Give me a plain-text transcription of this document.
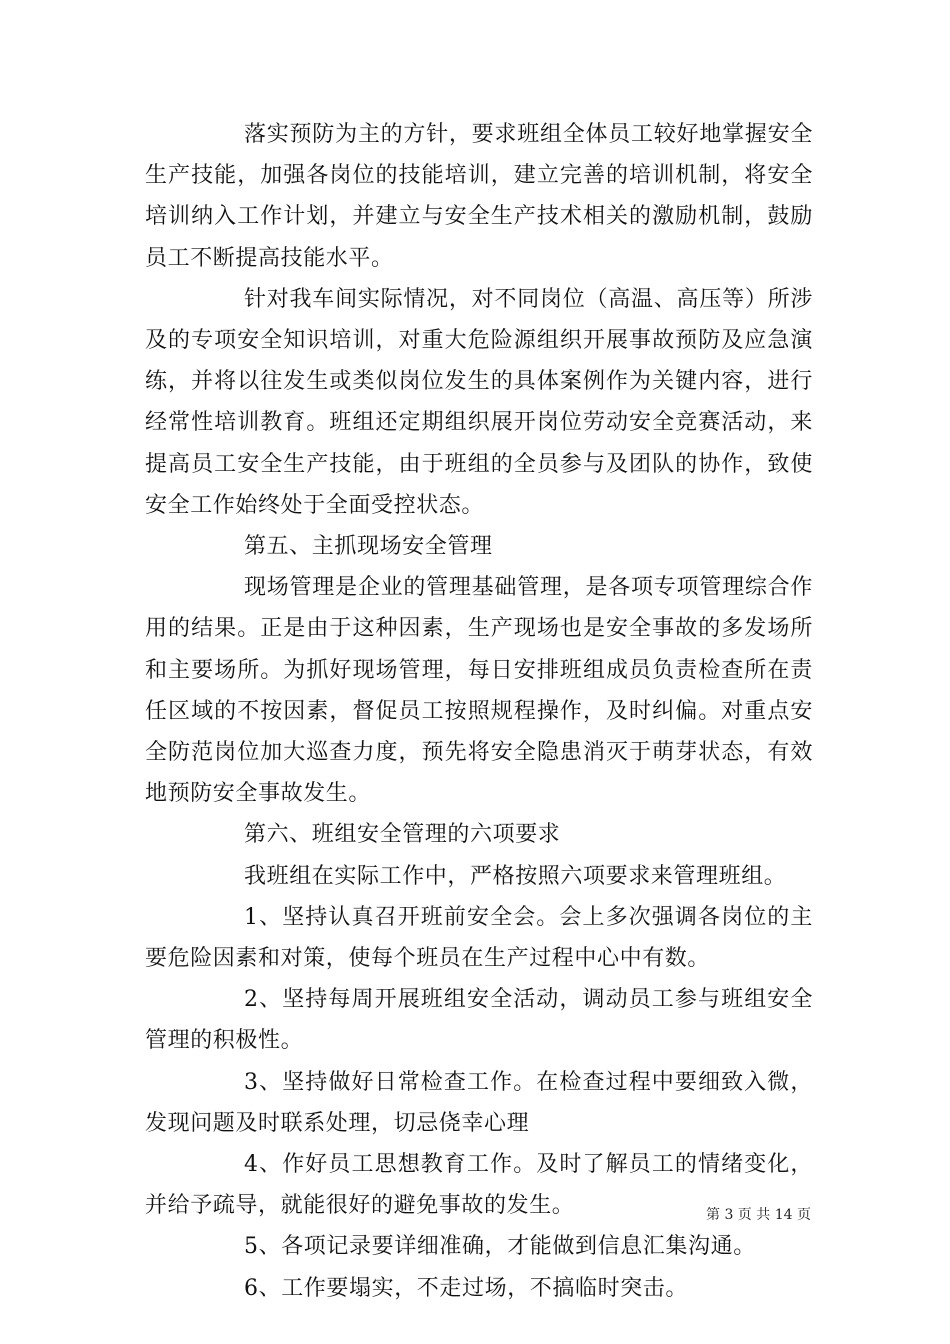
落实预防为主的方针，要求班组全体员工较好地掌握安全生产技能，加强各岗位的技能培训，建立完善的培训机制，将安全培训纳入工作计划，并建立与安全生产技术相关的激励机制，鼓励员工不断提高技能水平。

针对我车间实际情况，对不同岗位（高温、高压等）所涉及的专项安全知识培训，对重大危险源组织开展事故预防及应急演练，并将以往发生或类似岗位发生的具体案例作为关键内容，进行经常性培训教育。班组还定期组织展开岗位劳动安全竞赛活动，来提高员工安全生产技能，由于班组的全员参与及团队的协作，致使安全工作始终处于全面受控状态。

第五、主抓现场安全管理

现场管理是企业的管理基础管理，是各项专项管理综合作用的结果。正是由于这种因素，生产现场也是安全事故的多发场所和主要场所。为抓好现场管理，每日安排班组成员负责检查所在责任区域的不按因素，督促员工按照规程操作，及时纠偏。对重点安全防范岗位加大巡查力度，预先将安全隐患消灭于萌芽状态，有效地预防安全事故发生。

第六、班组安全管理的六项要求

我班组在实际工作中，严格按照六项要求来管理班组。

1、坚持认真召开班前安全会。会上多次强调各岗位的主要危险因素和对策，使每个班员在生产过程中心中有数。

2、坚持每周开展班组安全活动，调动员工参与班组安全管理的积极性。

3、坚持做好日常检查工作。在检查过程中要细致入微，发现问题及时联系处理，切忌侥幸心理

4、作好员工思想教育工作。及时了解员工的情绪变化，并给予疏导，就能很好的避免事故的发生。

5、各项记录要详细准确，才能做到信息汇集沟通。

6、工作要塌实，不走过场，不搞临时突击。

第 3 页 共 14 页
